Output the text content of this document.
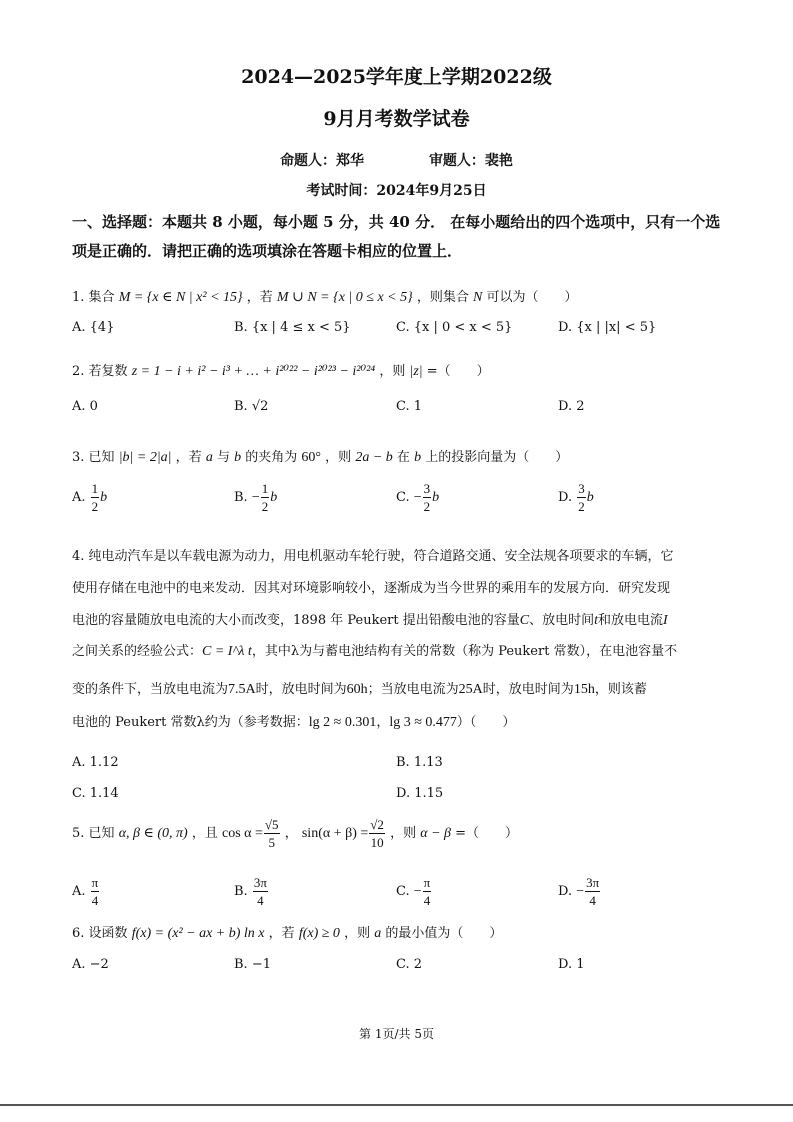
2024—2025学年度上学期2022级
9月月考数学试卷
命题人：郑华	审题人：裴艳
考试时间：2024年9月25日
一、选择题：本题共 8 小题，每小题 5 分，共 40 分． 在每小题给出的四个选项中，只有一个选项是正确的．请把正确的选项填涂在答题卡相应的位置上．
1. 集合 M = {x ∈ N | x² < 15} ，若 M ∪ N = {x | 0 ≤ x < 5} ，则集合 N 可以为（　　）
A. {4}	B. {x | 4 ≤ x < 5}	C. {x | 0 < x < 5}	D. {x | |x| < 5}
2. 若复数 z = 1 − i + i² − i³ + … + i²⁰²² − i²⁰²³ − i²⁰²⁴ ，则 |z| =（　　）
A. 0	B. √2	C. 1	D. 2
3. 已知 |b| = 2|a| ，若 a 与 b 的夹角为 60° ，则 2a − b 在 b 上的投影向量为（　　）
A. $\frac{1}{2}$ b	B. − $\frac{1}{2}$ b	C. − $\frac{3}{2}$ b	D. $\frac{3}{2}$ b
4. 纯电动汽车是以车载电源为动力，用电机驱动车轮行驶，符合道路交通、安全法规各项要求的车辆，它
使用存储在电池中的电来发动．因其对环境影响较小，逐渐成为当今世界的乘用车的发展方向．研究发现
电池的容量随放电电流的大小而改变，1898 年 Peukert 提出铅酸电池的容量C、放电时间t和放电电流I
之间关系的经验公式：C = I^λ t，其中λ为与蓄电池结构有关的常数（称为 Peukert 常数），在电池容量不
变的条件下，当放电电流为7.5A时，放电时间为60h；当放电电流为25A时，放电时间为15h，则该蓄
电池的 Peukert 常数λ约为（参考数据：lg 2 ≈ 0.301，lg 3 ≈ 0.477）（　　）
A. 1.12	B. 1.13
C. 1.14	D. 1.15
5. 已知 α, β ∈ (0, π) ，且 $\cos \alpha = \frac{√5}{5}$ ， $\sin(\alpha + \beta) = \frac{√2}{10}$ ，则 α − β =（　　）
A. $\frac{\pi}{4}$	B. $\frac{3\pi}{4}$	C. − $\frac{\pi}{4}$	D. − $\frac{3\pi}{4}$
6. 设函数 f(x) = (x² − ax + b) ln x ，若 f(x) ≥ 0 ，则 a 的最小值为（　　）
A. −2	B. −1	C. 2	D. 1
第 1页/共 5页
